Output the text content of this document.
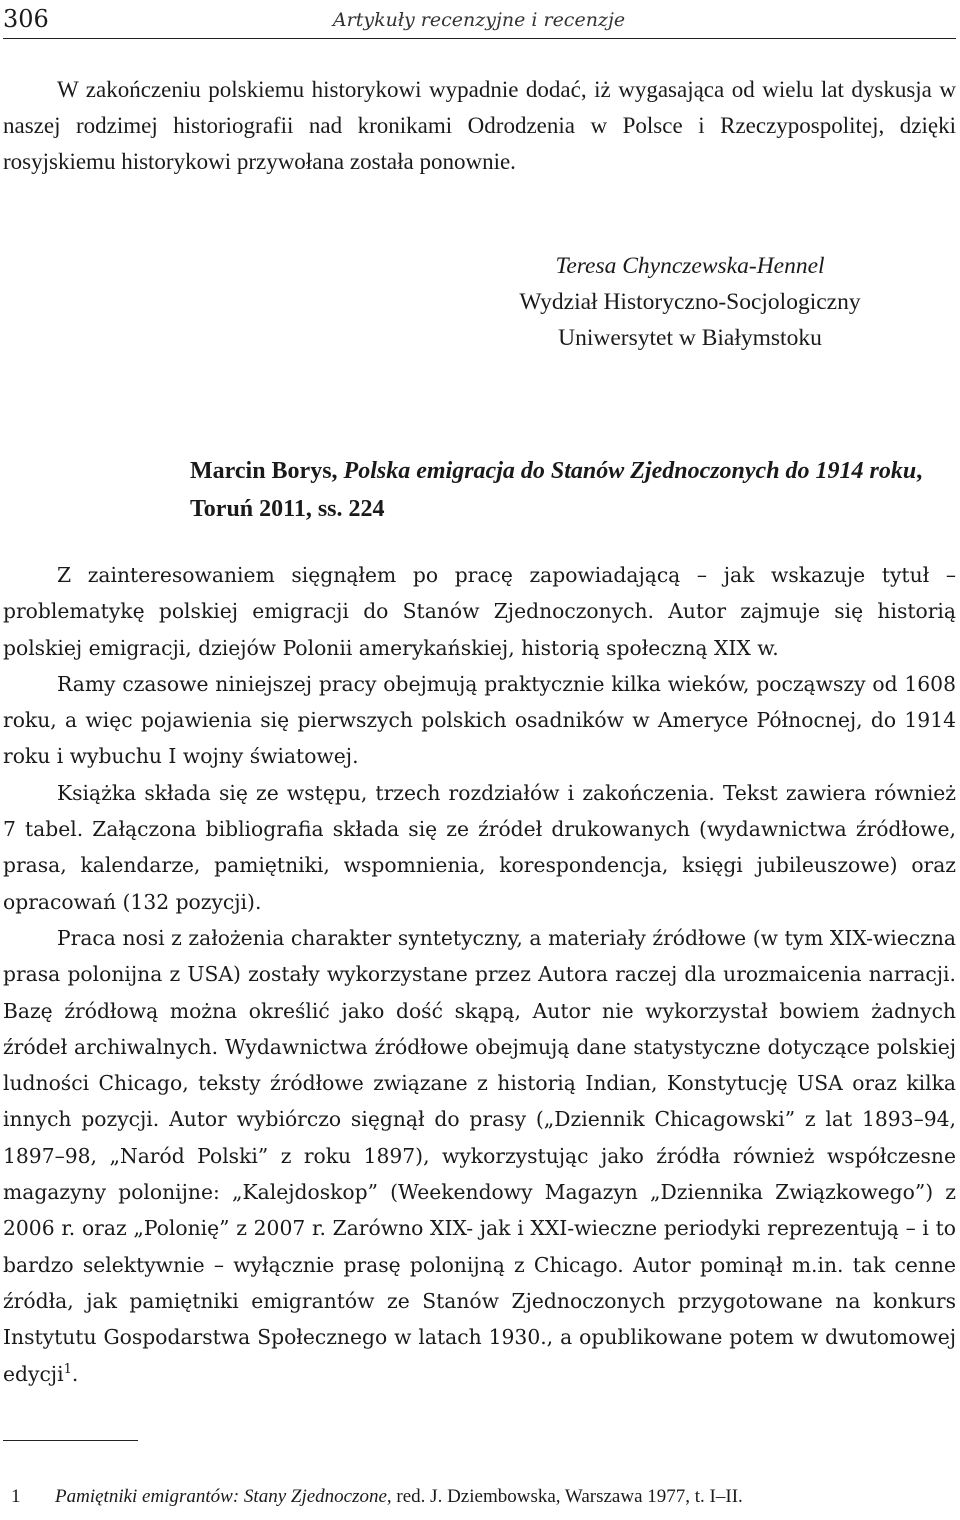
306	Artykuły recenzyjne i recenzje

W zakończeniu polskiemu historykowi wypadnie dodać, iż wygasająca od wielu lat dyskusja w naszej rodzimej historiografii nad kronikami Odrodzenia w Polsce i Rzeczypospolitej, dzięki rosyjskiemu historykowi przywołana została ponownie.

Teresa Chynczewska-Hennel
Wydział Historyczno-Socjologiczny
Uniwersytet w Białymstoku
Marcin Borys, Polska emigracja do Stanów Zjednoczonych do 1914 roku, Toruń 2011, ss. 224

Z zainteresowaniem sięgnąłem po pracę zapowiadającą – jak wskazuje tytuł – problematykę polskiej emigracji do Stanów Zjednoczonych. Autor zajmuje się historią polskiej emigracji, dziejów Polonii amerykańskiej, historią społeczną XIX w.

Ramy czasowe niniejszej pracy obejmują praktycznie kilka wieków, począwszy od 1608 roku, a więc pojawienia się pierwszych polskich osadników w Ameryce Północnej, do 1914 roku i wybuchu I wojny światowej.

Książka składa się ze wstępu, trzech rozdziałów i zakończenia. Tekst zawiera również 7 tabel. Załączona bibliografia składa się ze źródeł drukowanych (wydawnictwa źródłowe, prasa, kalendarze, pamiętniki, wspomnienia, korespondencja, księgi jubileuszowe) oraz opracowań (132 pozycji).

Praca nosi z założenia charakter syntetyczny, a materiały źródłowe (w tym XIX-wieczna prasa polonijna z USA) zostały wykorzystane przez Autora raczej dla urozmaicenia narracji. Bazę źródłową można określić jako dość skąpą, Autor nie wykorzystał bowiem żadnych źródeł archiwalnych. Wydawnictwa źródłowe obejmują dane statystyczne dotyczące polskiej ludności Chicago, teksty źródłowe związane z historią Indian, Konstytucję USA oraz kilka innych pozycji. Autor wybiórczo sięgnął do prasy („Dziennik Chicagowski” z lat 1893–94, 1897–98, „Naród Polski” z roku 1897), wykorzystując jako źródła również współczesne magazyny polonijne: „Kalejdoskop” (Weekendowy Magazyn „Dziennika Związkowego”) z 2006 r. oraz „Polonię” z 2007 r. Zarówno XIX- jak i XXI-wieczne periodyki reprezentują – i to bardzo selektywnie – wyłącznie prasę polonijną z Chicago. Autor pominął m.in. tak cenne źródła, jak pamiętniki emigrantów ze Stanów Zjednoczonych przygotowane na konkurs Instytutu Gospodarstwa Społecznego w latach 1930., a opublikowane potem w dwutomowej edycji$^1$.

1 Pamiętniki emigrantów: Stany Zjednoczone, red. J. Dziembowska, Warszawa 1977, t. I–II.
